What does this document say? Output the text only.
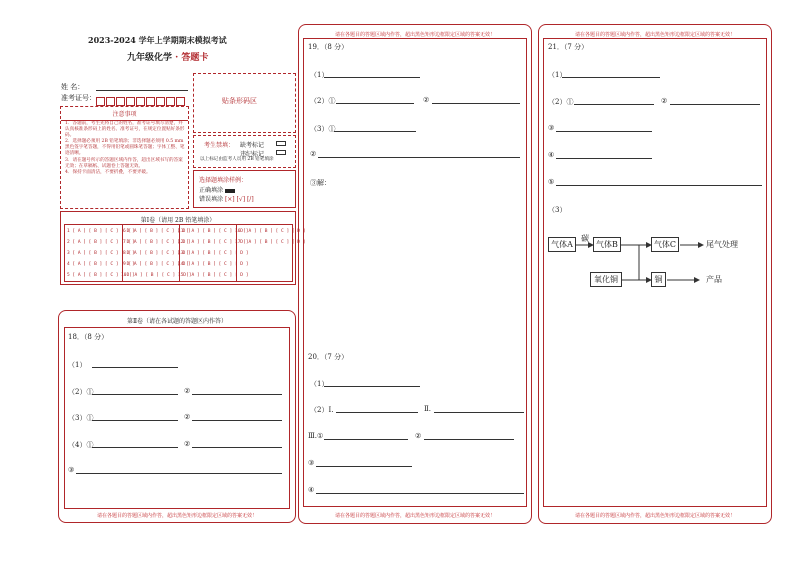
2023-2024 学年上学期期末模拟考试
九年级化学 · 答题卡
姓 名：
准考证号：	贴条形码区
注意事项
1．答题前，考生先将自己的姓名，准考证号填写清楚，并认真核准条形码上的姓名、准考证号，在规定位置贴好条形码。
2．选择题必须用 2B 铅笔填涂；非选择题必须用 0.5 mm 黑色签字笔答题，不得用铅笔或圆珠笔答题；字体工整、笔迹清晰。
3．请在题号所示的答题区域内作答，超出区域书写的答案无效；在草稿纸、试题卷上答题无效。
4．保持卡面清洁，不要折叠，不要弄破。
考生禁填： 缺考标记
违纪标记
以上标记由监考人员用 2B 铅笔填涂
选择题填涂样例：
正确填涂
错误填涂 [×] [√] [/]
第Ⅰ卷（请用 2B 铅笔填涂）
1 [ A ] [ B ] [ C ] [ D ]
2 [ A ] [ B ] [ C ] [ D ]
3 [ A ] [ B ] [ C ] [ D ]
4 [ A ] [ B ] [ C ] [ D ]
5 [ A ] [ B ] [ C ] [ D ]
6 [ A ] [ B ] [ C ] [ D ]
7 [ A ] [ B ] [ C ] [ D ]
8 [ A ] [ B ] [ C ] [ D ]
9 [ A ] [ B ] [ C ] [ D ]
10 [ A ] [ B ] [ C ] [ D ]
11 [ A ] [ B ] [ C ] [ D ]
12 [ A ] [ B ] [ C ] [ D ]
13 [ A ] [ B ] [ C ] [ D ]
14 [ A ] [ B ] [ C ] [ D ]
15 [ A ] [ B ] [ C ] [ D ]
16 [ A ] [ B ] [ C ] [ D ]
17 [ A ] [ B ] [ C ] [ D ]
第Ⅱ卷（请在各试题的答题区内作答）
18．（8 分）
（1）
（2）①	②
（3）①	②
（4）①	②
③
请在各题目的答题区域内作答，超出黑色矩形边框限定区域的答案无效！
请在各题目的答题区域内作答，超出黑色矩形边框限定区域的答案无效！
19．（8 分）
（1）
（2）①	②
（3）①
②
③解：
20．（7 分）
（1）
（2）Ⅰ.	Ⅱ.
Ⅲ.①	②
③
④
请在各题目的答题区域内作答，超出黑色矩形边框限定区域的答案无效！
请在各题目的答题区域内作答，超出黑色矩形边框限定区域的答案无效！
21．（7 分）
（1）
（2）①	②
③
④
⑤
（3）
气体A
碳
气体B	气体C	尾气处理
氧化铜	铜	产品
请在各题目的答题区域内作答，超出黑色矩形边框限定区域的答案无效！
